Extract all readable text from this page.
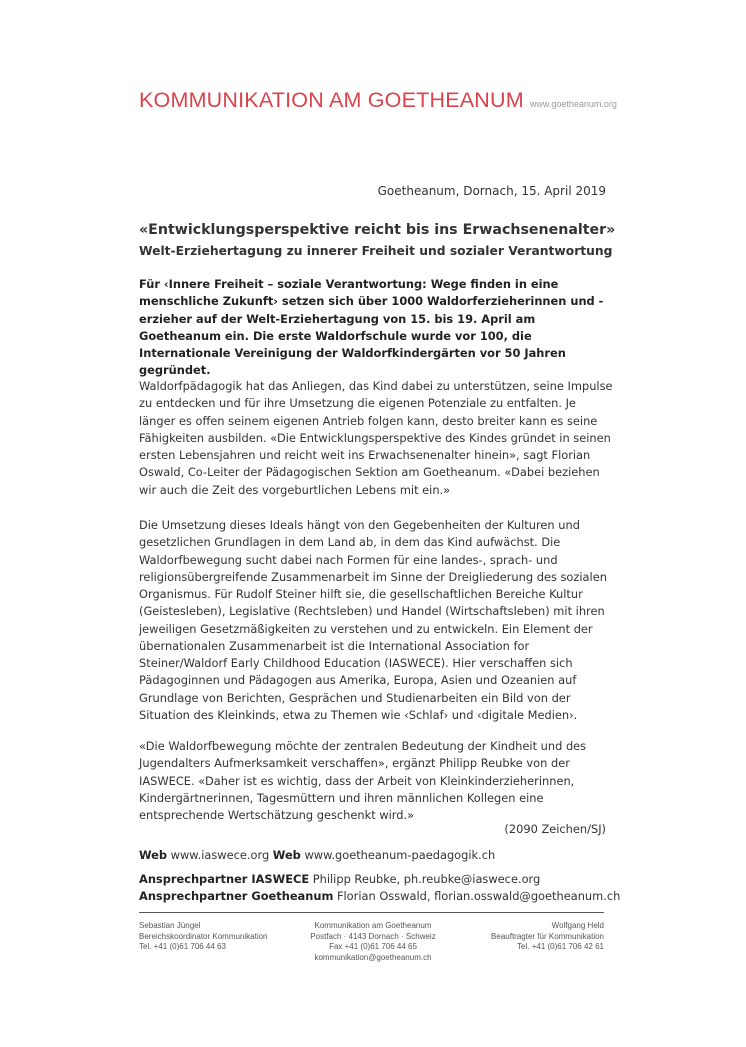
KOMMUNIKATION AM GOETHEANUM www.goetheanum.org
Goetheanum, Dornach, 15. April 2019
«Entwicklungsperspektive reicht bis ins Erwachsenenalter»
Welt-Erziehertagung zu innerer Freiheit und sozialer Verantwortung
Für ‹Innere Freiheit – soziale Verantwortung: Wege finden in eine menschliche Zukunft› setzen sich über 1000 Waldorferzieherinnen und -erzieher auf der Welt-Erziehertagung von 15. bis 19. April am Goetheanum ein. Die erste Waldorfschule wurde vor 100, die Internationale Vereinigung der Waldorfkindergärten vor 50 Jahren gegründet.
Waldorfpädagogik hat das Anliegen, das Kind dabei zu unterstützen, seine Impulse zu entdecken und für ihre Umsetzung die eigenen Potenziale zu entfalten. Je länger es offen seinem eigenen Antrieb folgen kann, desto breiter kann es seine Fähigkeiten ausbilden. «Die Entwicklungsperspektive des Kindes gründet in seinen ersten Lebensjahren und reicht weit ins Erwachsenenalter hinein», sagt Florian Oswald, Co-Leiter der Pädagogischen Sektion am Goetheanum. «Dabei beziehen wir auch die Zeit des vorgeburtlichen Lebens mit ein.»
Die Umsetzung dieses Ideals hängt von den Gegebenheiten der Kulturen und gesetzlichen Grundlagen in dem Land ab, in dem das Kind aufwächst. Die Waldorfbewegung sucht dabei nach Formen für eine landes-, sprach- und religionsübergreifende Zusammenarbeit im Sinne der Dreigliederung des sozialen Organismus. Für Rudolf Steiner hilft sie, die gesellschaftlichen Bereiche Kultur (Geistesleben), Legislative (Rechtsleben) und Handel (Wirtschaftsleben) mit ihren jeweiligen Gesetzmäßigkeiten zu verstehen und zu entwickeln. Ein Element der übernationalen Zusammenarbeit ist die International Association for Steiner/Waldorf Early Childhood Education (IASWECE). Hier verschaffen sich Pädagoginnen und Pädagogen aus Amerika, Europa, Asien und Ozeanien auf Grundlage von Berichten, Gesprächen und Studienarbeiten ein Bild von der Situation des Kleinkinds, etwa zu Themen wie ‹Schlaf› und ‹digitale Medien›.
«Die Waldorfbewegung möchte der zentralen Bedeutung der Kindheit und des Jugendalters Aufmerksamkeit verschaffen», ergänzt Philipp Reubke von der IASWECE. «Daher ist es wichtig, dass der Arbeit von Kleinkinderzieherinnen, Kindergärtnerinnen, Tagesmüttern und ihren männlichen Kollegen eine entsprechende Wertschätzung geschenkt wird.»
(2090 Zeichen/SJ)
Web www.iaswece.org Web www.goetheanum-paedagogik.ch
Ansprechpartner IASWECE Philipp Reubke, ph.reubke@iaswece.org
Ansprechpartner Goetheanum Florian Osswald, florian.osswald@goetheanum.ch
Sebastian Jüngel
Bereichskoordinator Kommunikation
Tel. +41 (0)61 706 44 63
Kommunikation am Goetheanum
Postfach · 4143 Dornach · Schweiz
Fax +41 (0)61 706 44 65
kommunikation@goetheanum.ch
Wolfgang Held
Beauftragter für Kommunikation
Tel. +41 (0)61 706 42 61
